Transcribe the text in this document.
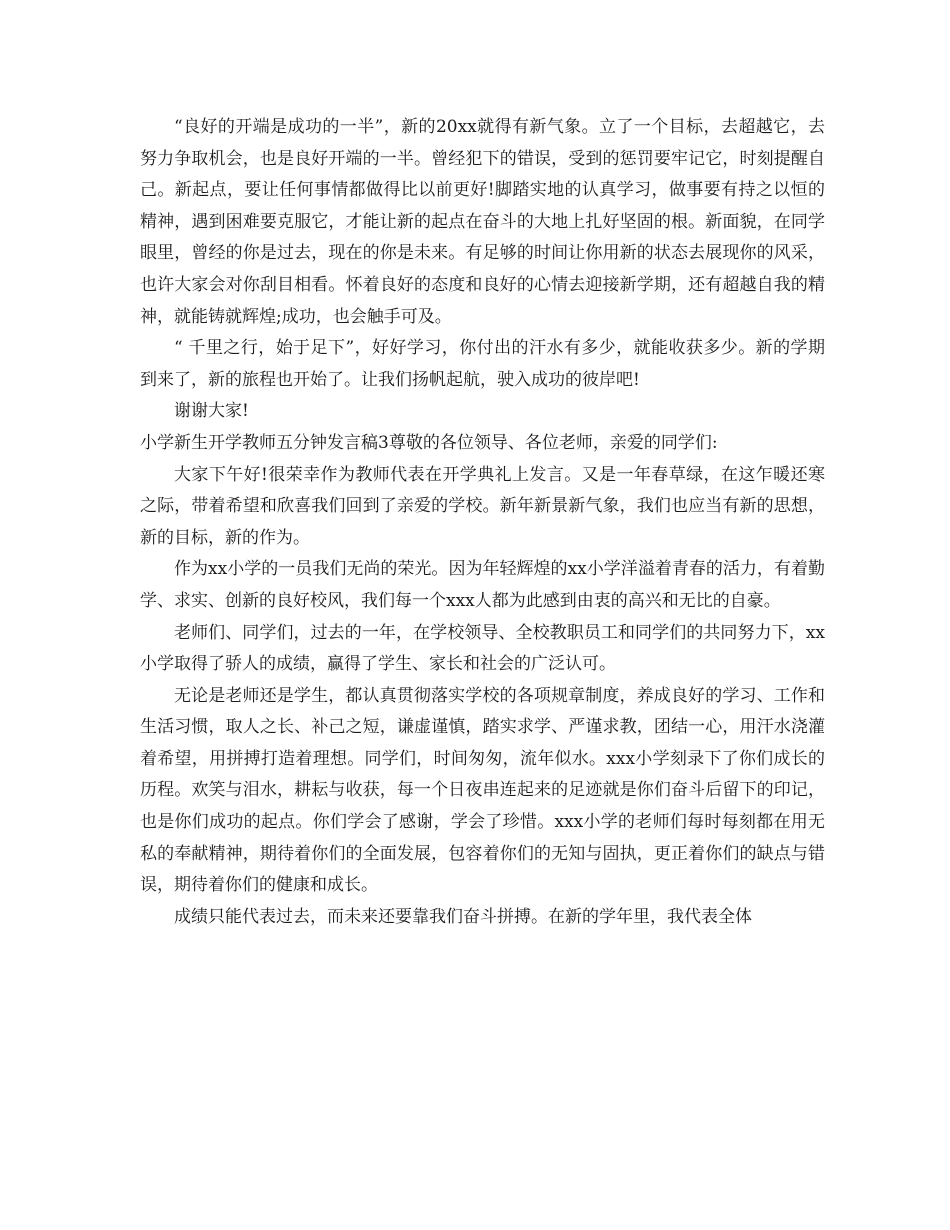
“良好的开端是成功的一半”，新的20xx就得有新气象。立了一个目标，去超越它，去努力争取机会，也是良好开端的一半。曾经犯下的错误，受到的惩罚要牢记它，时刻提醒自己。新起点，要让任何事情都做得比以前更好!脚踏实地的认真学习，做事要有持之以恒的精神，遇到困难要克服它，才能让新的起点在奋斗的大地上扎好坚固的根。新面貌，在同学眼里，曾经的你是过去，现在的你是未来。有足够的时间让你用新的状态去展现你的风采，也许大家会对你刮目相看。怀着良好的态度和良好的心情去迎接新学期，还有超越自我的精神，就能铸就辉煌;成功，也会触手可及。

“ 千里之行，始于足下”，好好学习，你付出的汗水有多少，就能收获多少。新的学期到来了，新的旅程也开始了。让我们扬帆起航，驶入成功的彼岸吧!

谢谢大家!

小学新生开学教师五分钟发言稿3尊敬的各位领导、各位老师，亲爱的同学们:

大家下午好!很荣幸作为教师代表在开学典礼上发言。又是一年春草绿，在这乍暖还寒之际，带着希望和欣喜我们回到了亲爱的学校。新年新景新气象，我们也应当有新的思想，新的目标，新的作为。

作为xx小学的一员我们无尚的荣光。因为年轻辉煌的xx小学洋溢着青春的活力，有着勤学、求实、创新的良好校风，我们每一个xxx人都为此感到由衷的高兴和无比的自豪。

老师们、同学们，过去的一年，在学校领导、全校教职员工和同学们的共同努力下，xx小学取得了骄人的成绩，赢得了学生、家长和社会的广泛认可。

无论是老师还是学生，都认真贯彻落实学校的各项规章制度，养成良好的学习、工作和生活习惯，取人之长、补己之短，谦虚谨慎，踏实求学、严谨求教，团结一心，用汗水浇灌着希望，用拼搏打造着理想。同学们，时间匆匆，流年似水。xxx小学刻录下了你们成长的历程。欢笑与泪水，耕耘与收获，每一个日夜串连起来的足迹就是你们奋斗后留下的印记，也是你们成功的起点。你们学会了感谢，学会了珍惜。xxx小学的老师们每时每刻都在用无私的奉献精神，期待着你们的全面发展，包容着你们的无知与固执，更正着你们的缺点与错误，期待着你们的健康和成长。

成绩只能代表过去，而未来还要靠我们奋斗拼搏。在新的学年里，我代表全体
